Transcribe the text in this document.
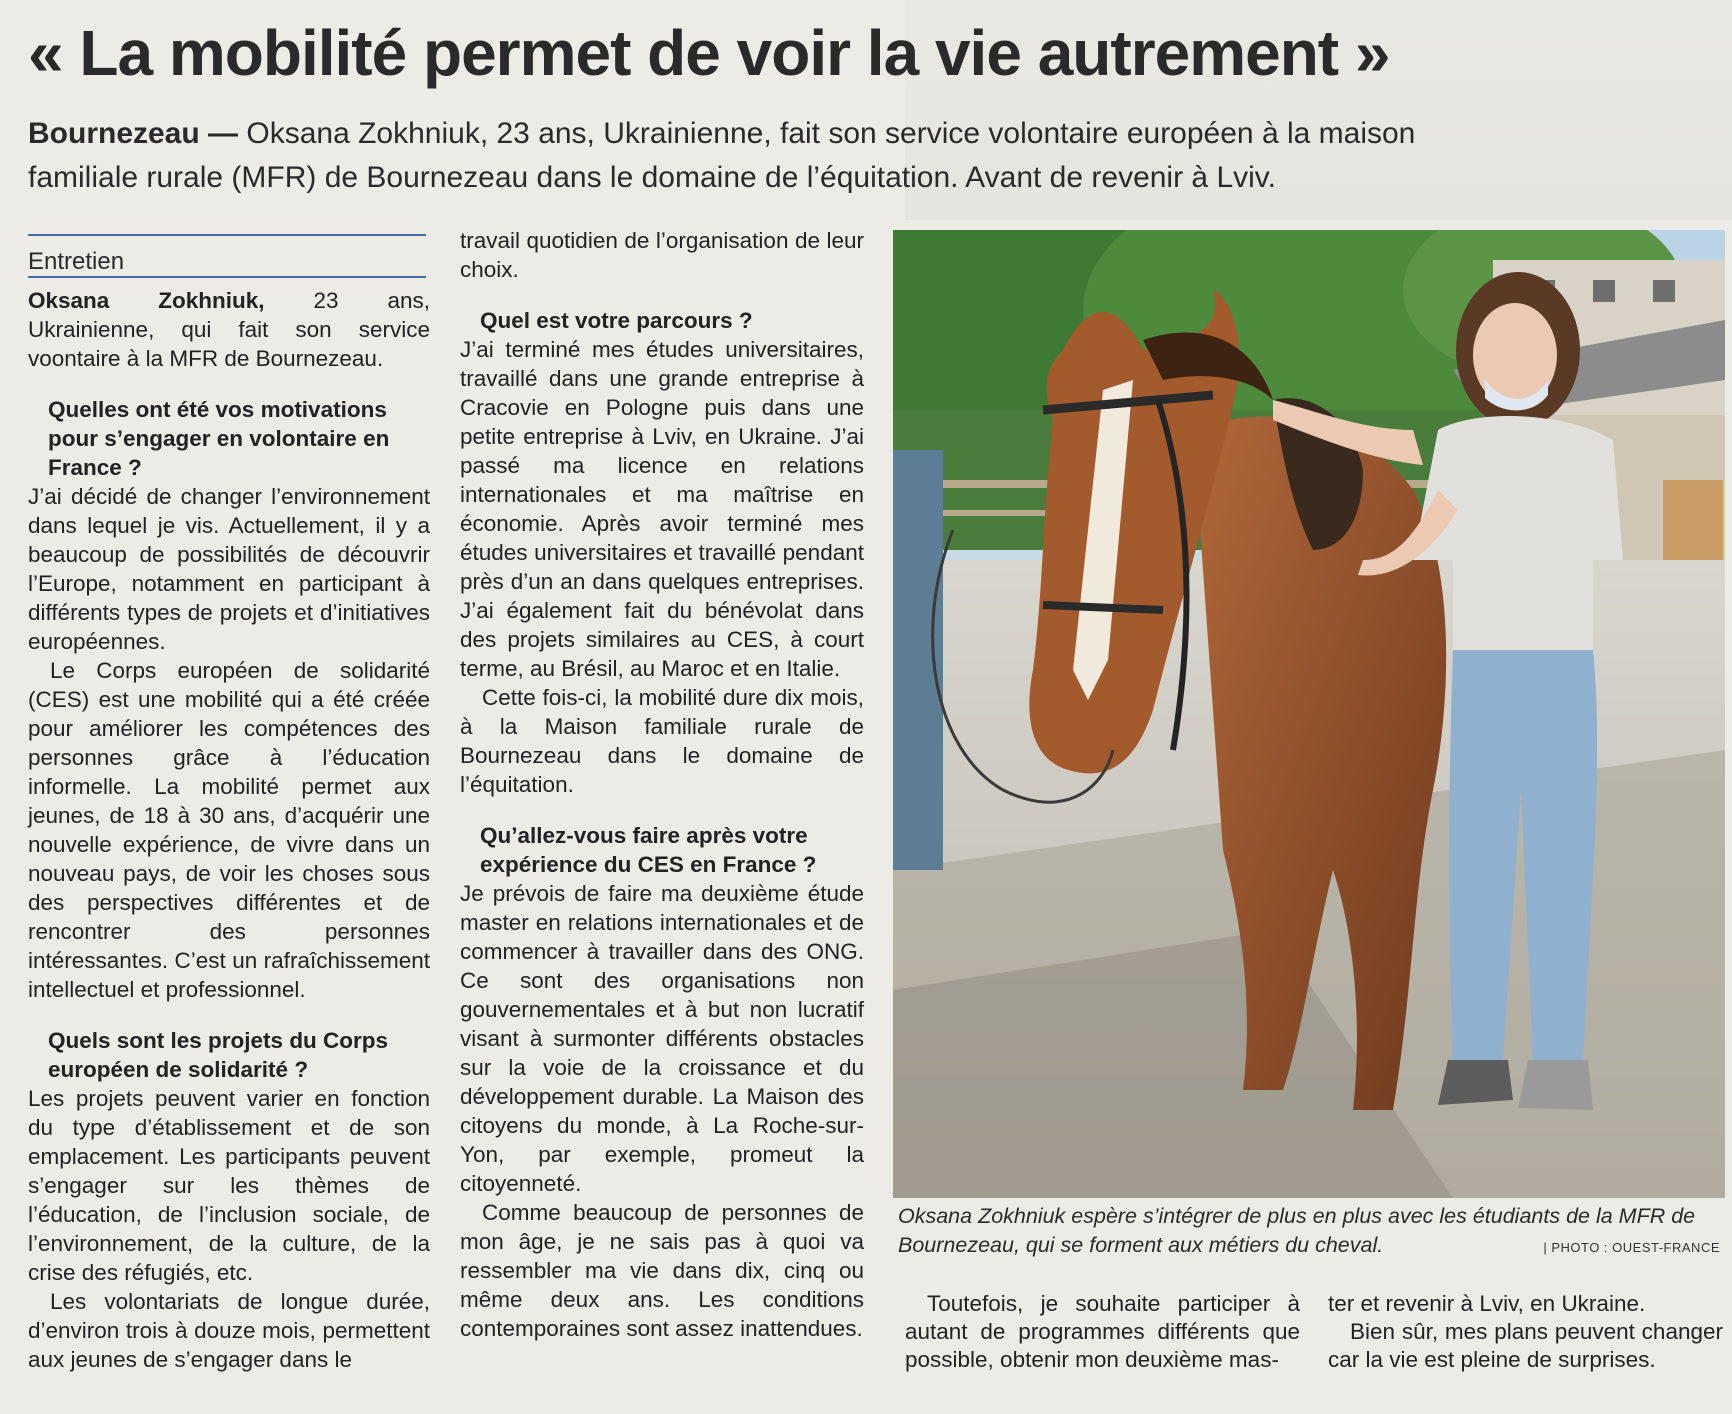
« La mobilité permet de voir la vie autrement »
Bournezeau — Oksana Zokhniuk, 23 ans, Ukrainienne, fait son service volontaire européen à la maison familiale rurale (MFR) de Bournezeau dans le domaine de l’équitation. Avant de revenir à Lviv.
Entretien

Oksana Zokhniuk, 23 ans, Ukrainienne, qui fait son service voontaire à la MFR de Bournezeau.

Quelles ont été vos motivations pour s’engager en volontaire en France ?

J’ai décidé de changer l’environnement dans lequel je vis. Actuellement, il y a beaucoup de possibilités de découvrir l’Europe, notamment en participant à différents types de projets et d’initiatives européennes.

Le Corps européen de solidarité (CES) est une mobilité qui a été créée pour améliorer les compétences des personnes grâce à l’éducation informelle. La mobilité permet aux jeunes, de 18 à 30 ans, d’acquérir une nouvelle expérience, de vivre dans un nouveau pays, de voir les choses sous des perspectives différentes et de rencontrer des personnes intéressantes. C’est un rafraîchissement intellectuel et professionnel.

Quels sont les projets du Corps européen de solidarité ?

Les projets peuvent varier en fonction du type d’établissement et de son emplacement. Les participants peuvent s’engager sur les thèmes de l’éducation, de l’inclusion sociale, de l’environnement, de la culture, de la crise des réfugiés, etc.

Les volontariats de longue durée, d’environ trois à douze mois, permettent aux jeunes de s’engager dans le

travail quotidien de l’organisation de leur choix.

Quel est votre parcours ?

J’ai terminé mes études universitaires, travaillé dans une grande entreprise à Cracovie en Pologne puis dans une petite entreprise à Lviv, en Ukraine. J’ai passé ma licence en relations internationales et ma maîtrise en économie. Après avoir terminé mes études universitaires et travaillé pendant près d’un an dans quelques entreprises. J’ai également fait du bénévolat dans des projets similaires au CES, à court terme, au Brésil, au Maroc et en Italie.

Cette fois-ci, la mobilité dure dix mois, à la Maison familiale rurale de Bournezeau dans le domaine de l’équitation.

Qu’allez-vous faire après votre expérience du CES en France ?

Je prévois de faire ma deuxième étude master en relations internationales et de commencer à travailler dans des ONG. Ce sont des organisations non gouvernementales et à but non lucratif visant à surmonter différents obstacles sur la voie de la croissance et du développement durable. La Maison des citoyens du monde, à La Roche-sur-Yon, par exemple, promeut la citoyenneté.

Comme beaucoup de personnes de mon âge, je ne sais pas à quoi va ressembler ma vie dans dix, cinq ou même deux ans. Les conditions contemporaines sont assez inattendues.

Oksana Zokhniuk espère s’intégrer de plus en plus avec les étudiants de la MFR de Bournezeau, qui se forment aux métiers du cheval.	| PHOTO : OUEST-FRANCE
Toutefois, je souhaite participer à autant de programmes différents que possible, obtenir mon deuxième mas-

ter et revenir à Lviv, en Ukraine.

Bien sûr, mes plans peuvent changer car la vie est pleine de surprises.
